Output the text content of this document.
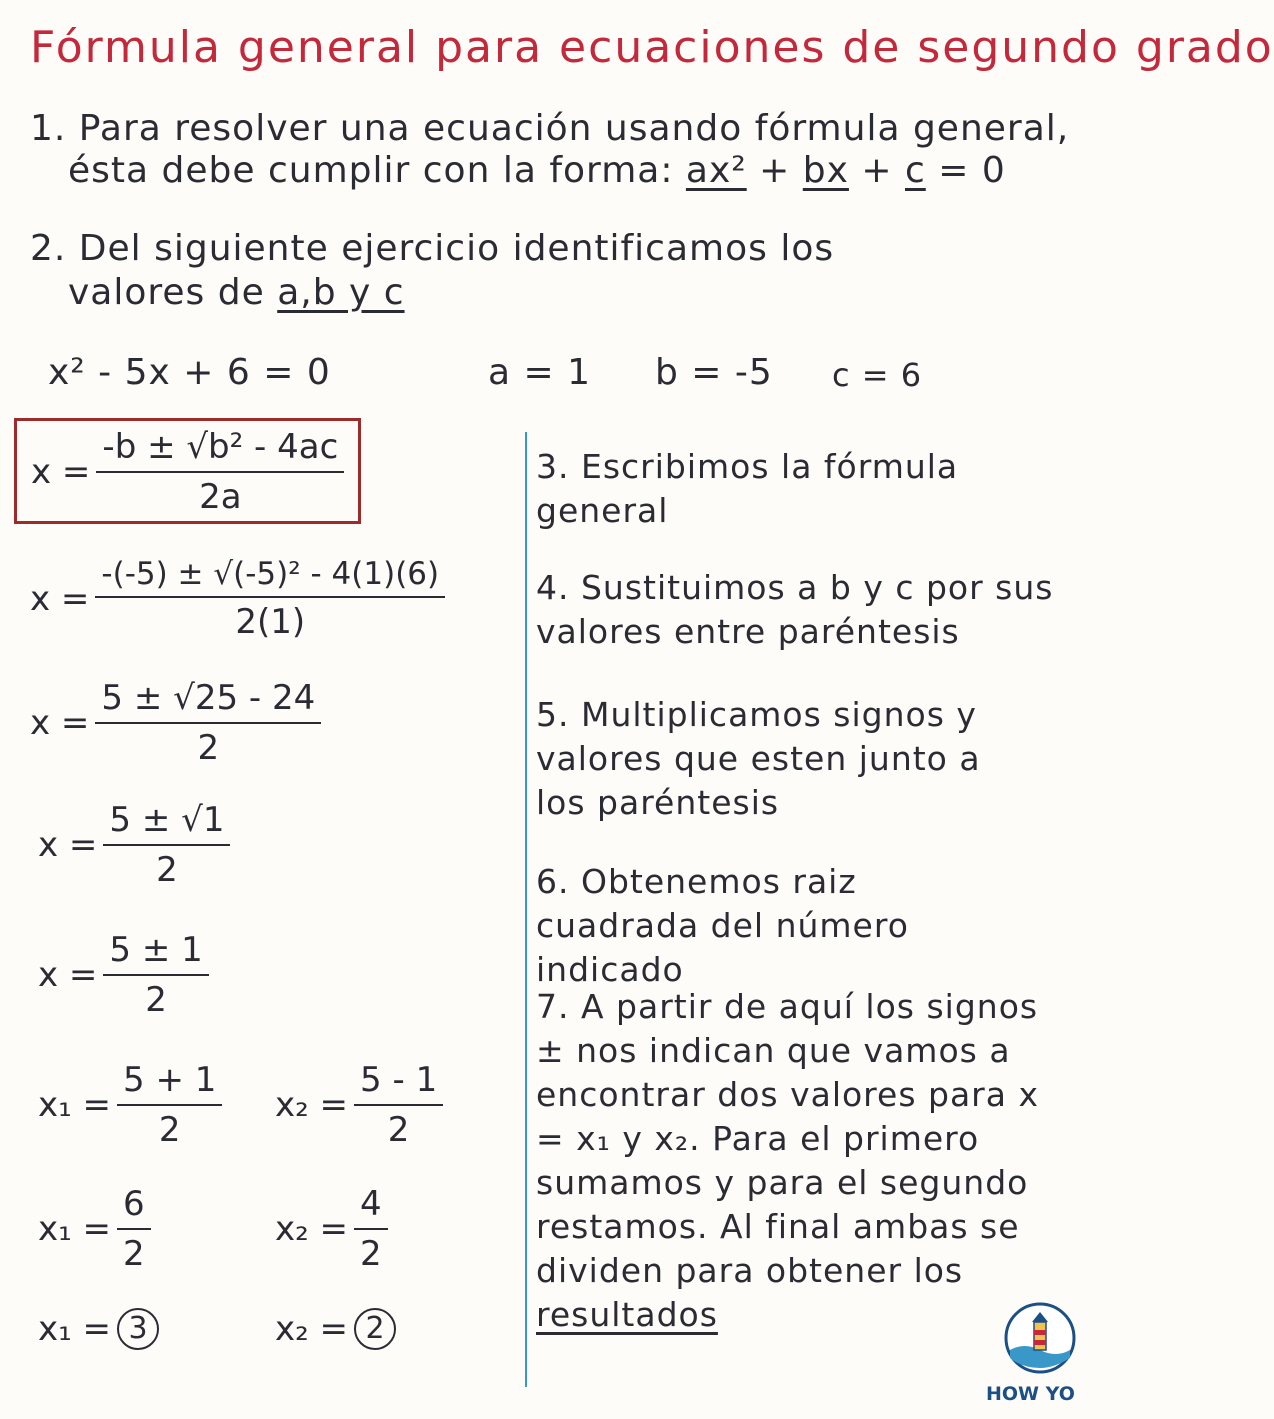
Fórmula general para ecuaciones de segundo grado
1. Para resolver una ecuación usando fórmula general,
ésta debe cumplir con la forma: ax² + bx + c = 0
2. Del siguiente ejercicio identificamos los
valores de a,b y c
x² - 5x + 6 = 0	a = 1 b = -5 c = 6
$x = \frac{\text{-b ± √b² - 4ac}}{2a}$
$x = \frac{\text{-(-5) ± √(-5)² - 4(1)(6)}}{2(1)}$
$x = \frac{5 \pm √25 - 24}{2}$
$x = \frac{5 \pm √1}{2}$
$x = \frac{5 \pm 1}{2}$
$x_1 = \frac{5 + 1}{2} x_2 = \frac{5 - 1}{2}$
$x_1 = \frac{6}{2}$	$x_2 = \frac{4}{2}$
x₁ = 3	x₂ = 2
3. Escribimos la fórmula general
4. Sustituimos a b y c por sus valores entre paréntesis
5. Multiplicamos signos y valores que esten junto a los paréntesis
6. Obtenemos raiz cuadrada del número indicado
7. A partir de aquí los signos ± nos indican que vamos a encontrar dos valores para x = x₁ y x₂. Para el primero sumamos y para el segundo restamos. Al final ambas se dividen para obtener los resultados
HOW YO
